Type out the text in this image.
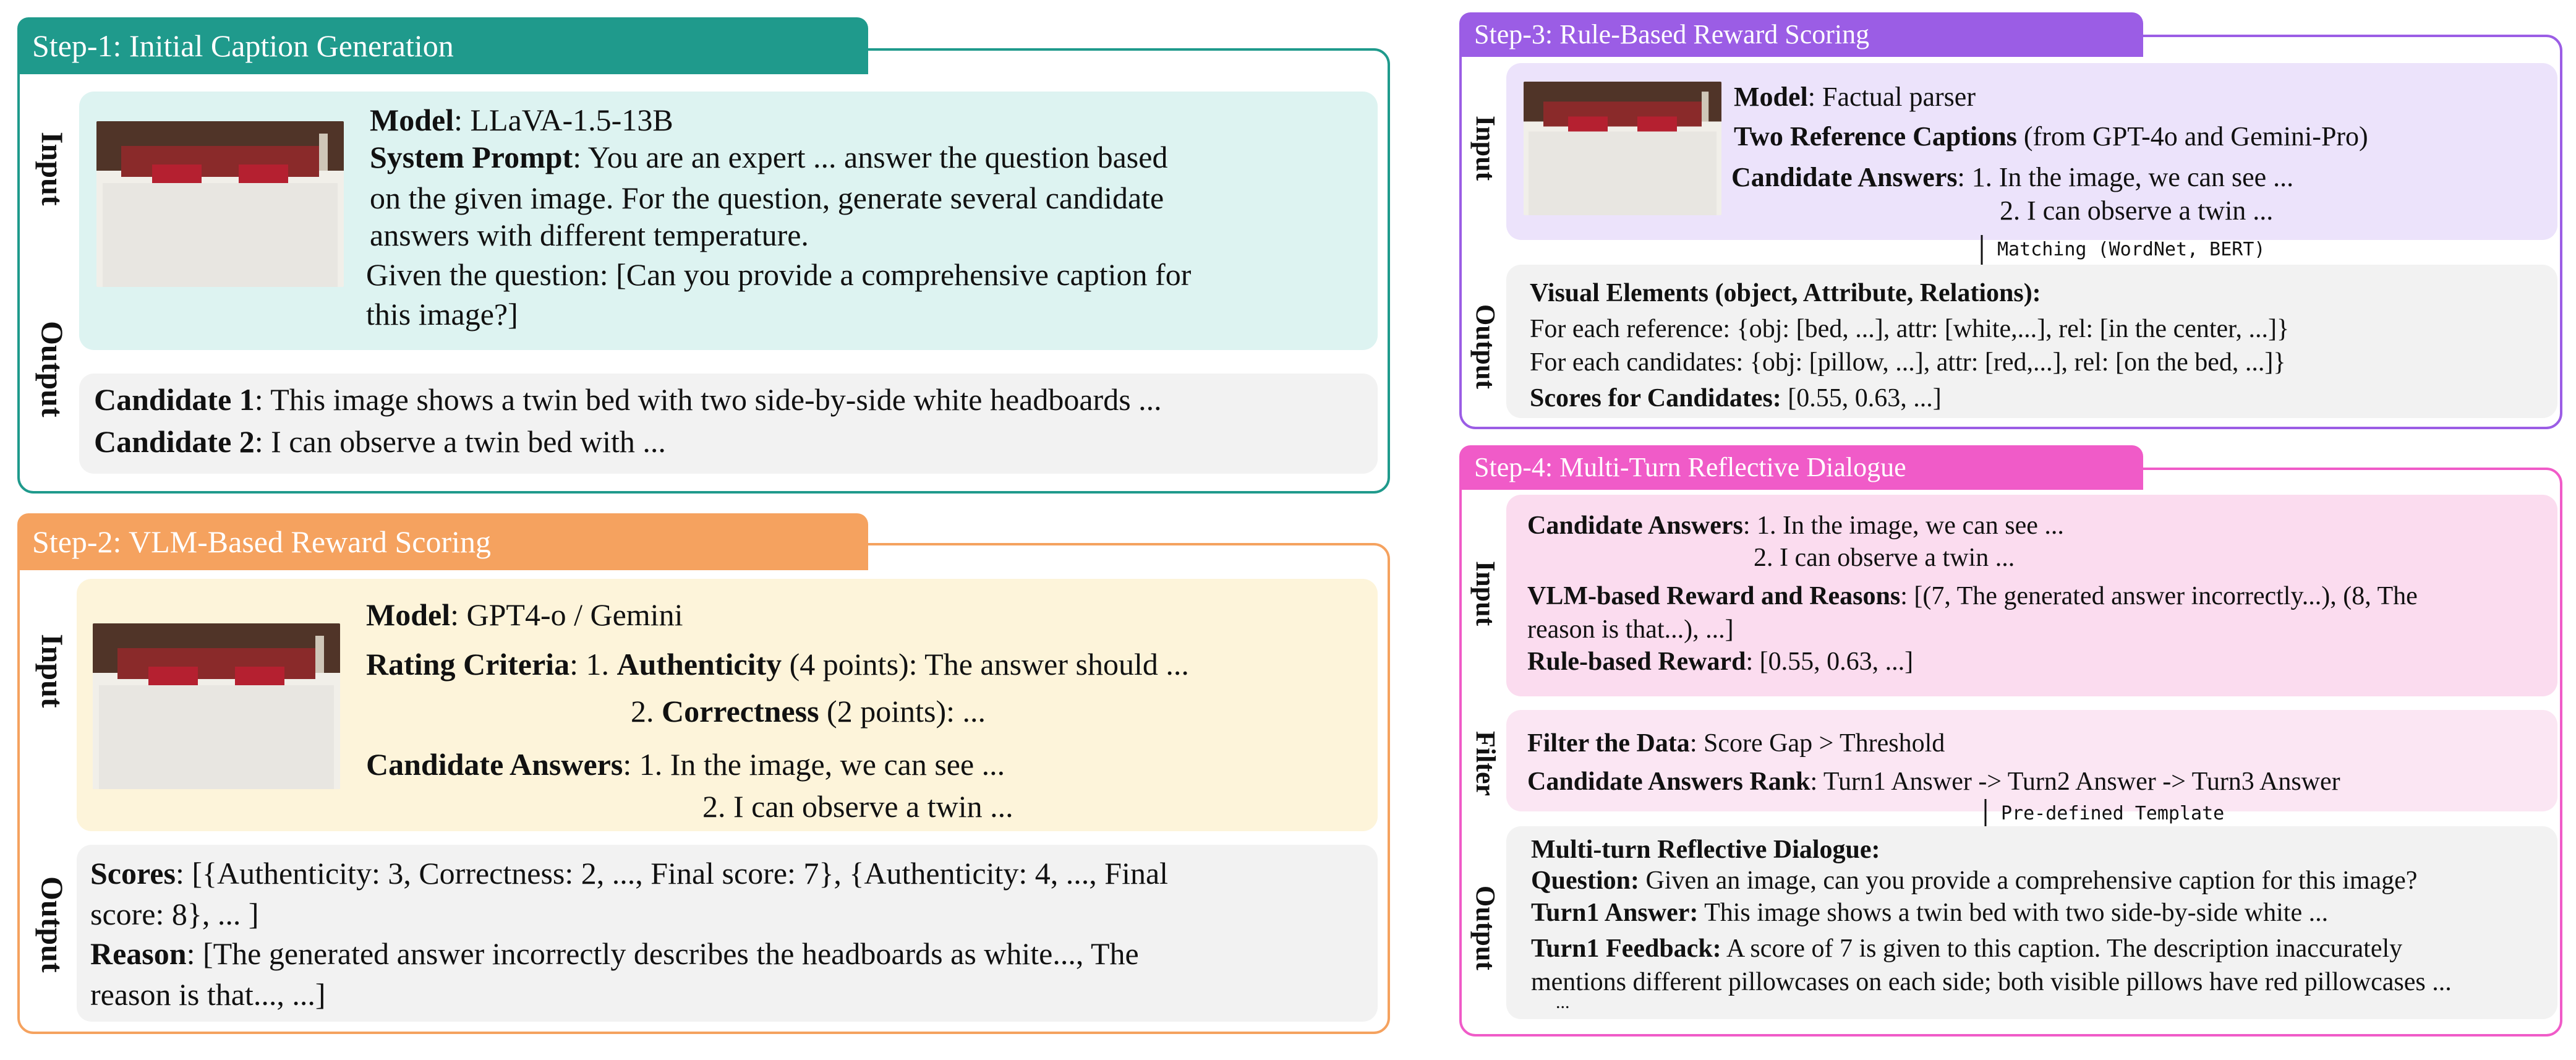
Step-1: Initial Caption Generation
Input
Output
Model: LLaVA-1.5-13B
System Prompt: You are an expert ... answer the question based
on the given image. For the question, generate several candidate
answers with different temperature.
Given the question: [Can you provide a comprehensive caption for
this image?]
Candidate 1: This image shows a twin bed with two side-by-side white headboards ...
Candidate 2: I can observe a twin bed with ...
Step-2: VLM-Based Reward Scoring
Input
Output
Model: GPT4-o / Gemini
Rating Criteria: 1. Authenticity (4 points): The answer should ...
2. Correctness (2 points): ...
Candidate Answers: 1. In the image, we can see ...
2. I can observe a twin ...
Scores: [{Authenticity: 3, Correctness: 2, ..., Final score: 7}, {Authenticity: 4, ..., Final
score: 8}, ... ]
Reason: [The generated answer incorrectly describes the headboards as white..., The
reason is that..., ...]
Step-3: Rule-Based Reward Scoring
Input
Output
Model: Factual parser
Two Reference Captions (from GPT-4o and Gemini-Pro)
Candidate Answers: 1. In the image, we can see ...
2. I can observe a twin ...
Matching (WordNet, BERT)
Visual Elements (object, Attribute, Relations):
For each reference: {obj: [bed, ...], attr: [white,...], rel: [in the center, ...]}
For each candidates: {obj: [pillow, ...], attr: [red,...], rel: [on the bed, ...]}
Scores for Candidates: [0.55, 0.63, ...]
Step-4: Multi-Turn Reflective Dialogue
Input
Filter
Output
Candidate Answers: 1. In the image, we can see ...
2. I can observe a twin ...
VLM-based Reward and Reasons: [(7, The generated answer incorrectly...), (8, The
reason is that...), ...]
Rule-based Reward: [0.55, 0.63, ...]
Filter the Data: Score Gap > Threshold
Candidate Answers Rank: Turn1 Answer -> Turn2 Answer -> Turn3 Answer
Pre-defined Template
Multi-turn Reflective Dialogue:
Question: Given an image, can you provide a comprehensive caption for this image?
Turn1 Answer: This image shows a twin bed with two side-by-side white ...
Turn1 Feedback: A score of 7 is given to this caption. The description inaccurately
mentions different pillowcases on each side; both visible pillows have red pillowcases ...
...
